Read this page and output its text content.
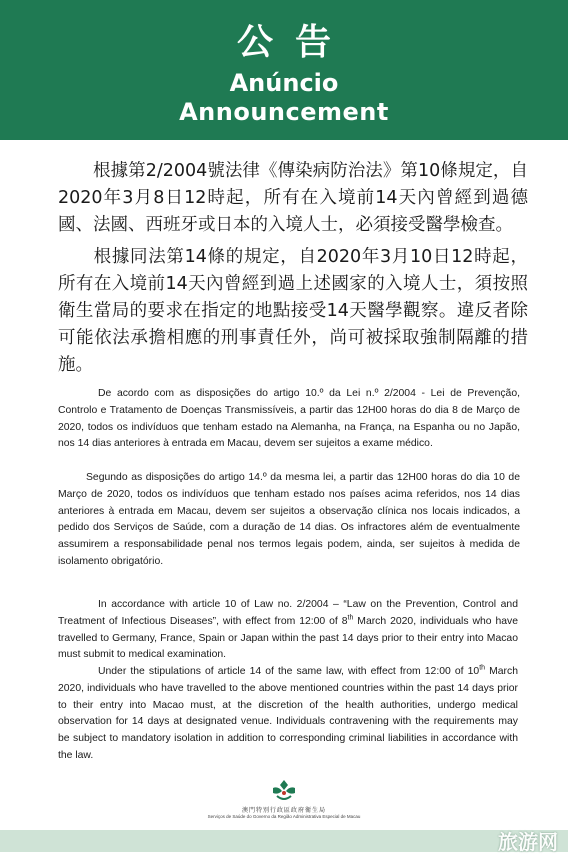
公告
Anúncio
Announcement
根據第2/2004號法律《傳染病防治法》第10條規定，自2020年3月8日12時起，所有在入境前14天內曾經到過德國、法國、西班牙或日本的入境人士，必須接受醫學檢查。
根據同法第14條的規定，自2020年3月10日12時起，所有在入境前14天內曾經到過上述國家的入境人士，須按照衛生當局的要求在指定的地點接受14天醫學觀察。違反者除可能依法承擔相應的刑事責任外，尚可被採取強制隔離的措施。
De acordo com as disposições do artigo 10.º da Lei n.º 2/2004 - Lei de Prevenção, Controlo e Tratamento de Doenças Transmissíveis, a partir das 12H00 horas do dia 8 de Março de 2020, todos os indivíduos que tenham estado na Alemanha, na França, na Espanha ou no Japão, nos 14 dias anteriores à entrada em Macau, devem ser sujeitos a exame médico.
Segundo as disposições do artigo 14.º da mesma lei, a partir das 12H00 horas do dia 10 de Março de 2020, todos os indivíduos que tenham estado nos países acima referidos, nos 14 dias anteriores à entrada em Macau, devem ser sujeitos a observação clínica nos locais indicados, a pedido dos Serviços de Saúde, com a duração de 14 dias. Os infractores além de eventualmente assumirem a responsabilidade penal nos termos legais podem, ainda, ser sujeitos à medida de isolamento obrigatório.
In accordance with article 10 of Law no. 2/2004 – “Law on the Prevention, Control and Treatment of Infectious Diseases”, with effect from 12:00 of 8th March 2020, individuals who have travelled to Germany, France, Spain or Japan within the past 14 days prior to their entry into Macao must submit to medical examination.
Under the stipulations of article 14 of the same law, with effect from 12:00 of 10th March 2020, individuals who have travelled to the above mentioned countries within the past 14 days prior to their entry into Macao must, at the discretion of the health authorities, undergo medical observation for 14 days at designated venue. Individuals contravening with the requirements may be subject to mandatory isolation in addition to corresponding criminal liabilities in accordance with the law.
澳門特別行政區政府衛生局
Serviços de Saúde do Governo da Região Administrativa Especial de Macau
旅游网
